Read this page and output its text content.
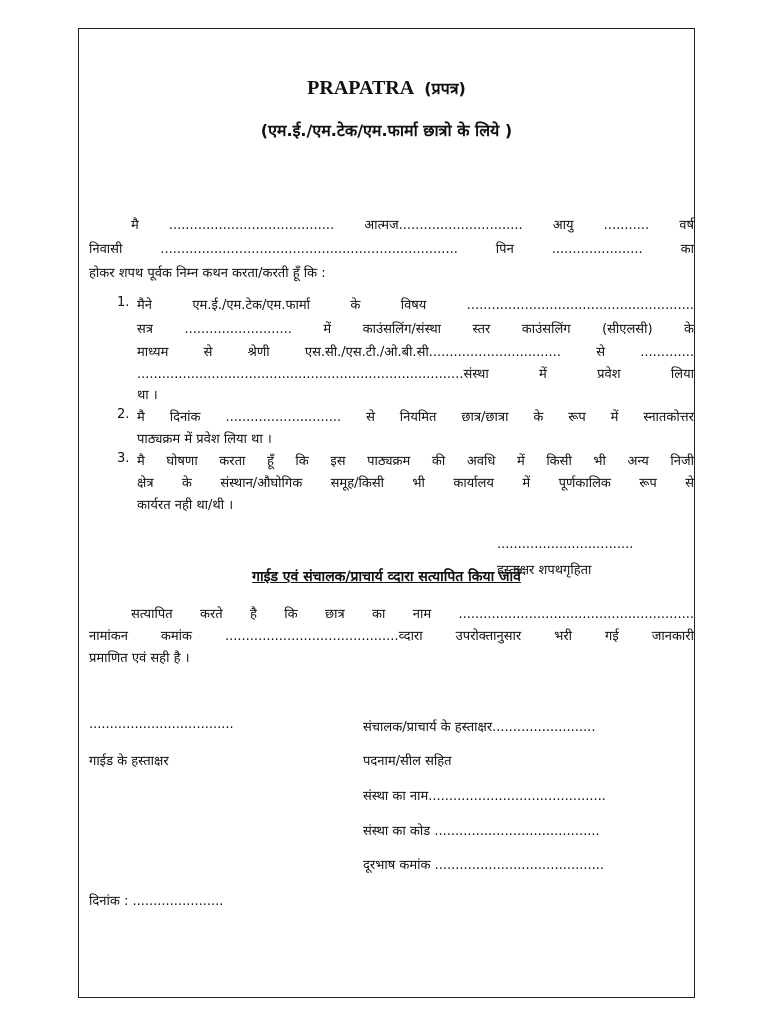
PRAPATRA (प्रपत्र)
(एम.ई./एम.टेक/एम.फार्मा छात्रो के लिये )
मै ........................................ आत्मज.............................. आयु ........... वर्ष
निवासी ........................................................................ पिन ...................... का
होकर शपथ पूर्वक निम्न कथन करता/करती हूँ कि :
1. मैने एम.ई./एम.टेक/एम.फार्मा के विषय .......................................................
सत्र .......................... में काउंसलिंग/संस्था स्तर काउंसलिंग (सीएलसी) के
माध्यम से श्रेणी एस.सी./एस.टी./ओ.बी.सी................................ से .............
...............................................................................संस्था में प्रवेश लिया
था ।
2. मै दिनांक ............................ से नियमित छात्र/छात्रा के रूप में स्नातकोत्तर
पाठ्यक्रम में प्रवेश लिया था ।
3. मै घोषणा करता हूँ कि इस पाठ्यक्रम की अवधि में किसी भी अन्य निजी
क्षेत्र के संस्थान/औघोगिक समूह/किसी भी कार्यालय में पूर्णकालिक रूप से
कार्यरत नही था/थी ।
.................................
हस्ताक्षर शपथगृहिता
गाईड एवं संचालक/प्राचार्य व्दारा सत्यापित किया जावें
सत्यापित करते है कि छात्र का नाम .........................................................
नामांकन कमांक ..........................................व्दारा उपरोक्तानुसार भरी गई जानकारी
प्रमाणित एवं सही है ।
...................................
गाईड के हस्ताक्षर
संचालक/प्राचार्य के हस्ताक्षर.........................
पदनाम/सील सहित
संस्था का नाम...........................................
संस्था का कोड ........................................
दूरभाष कमांक .........................................
दिनांक : ......................
